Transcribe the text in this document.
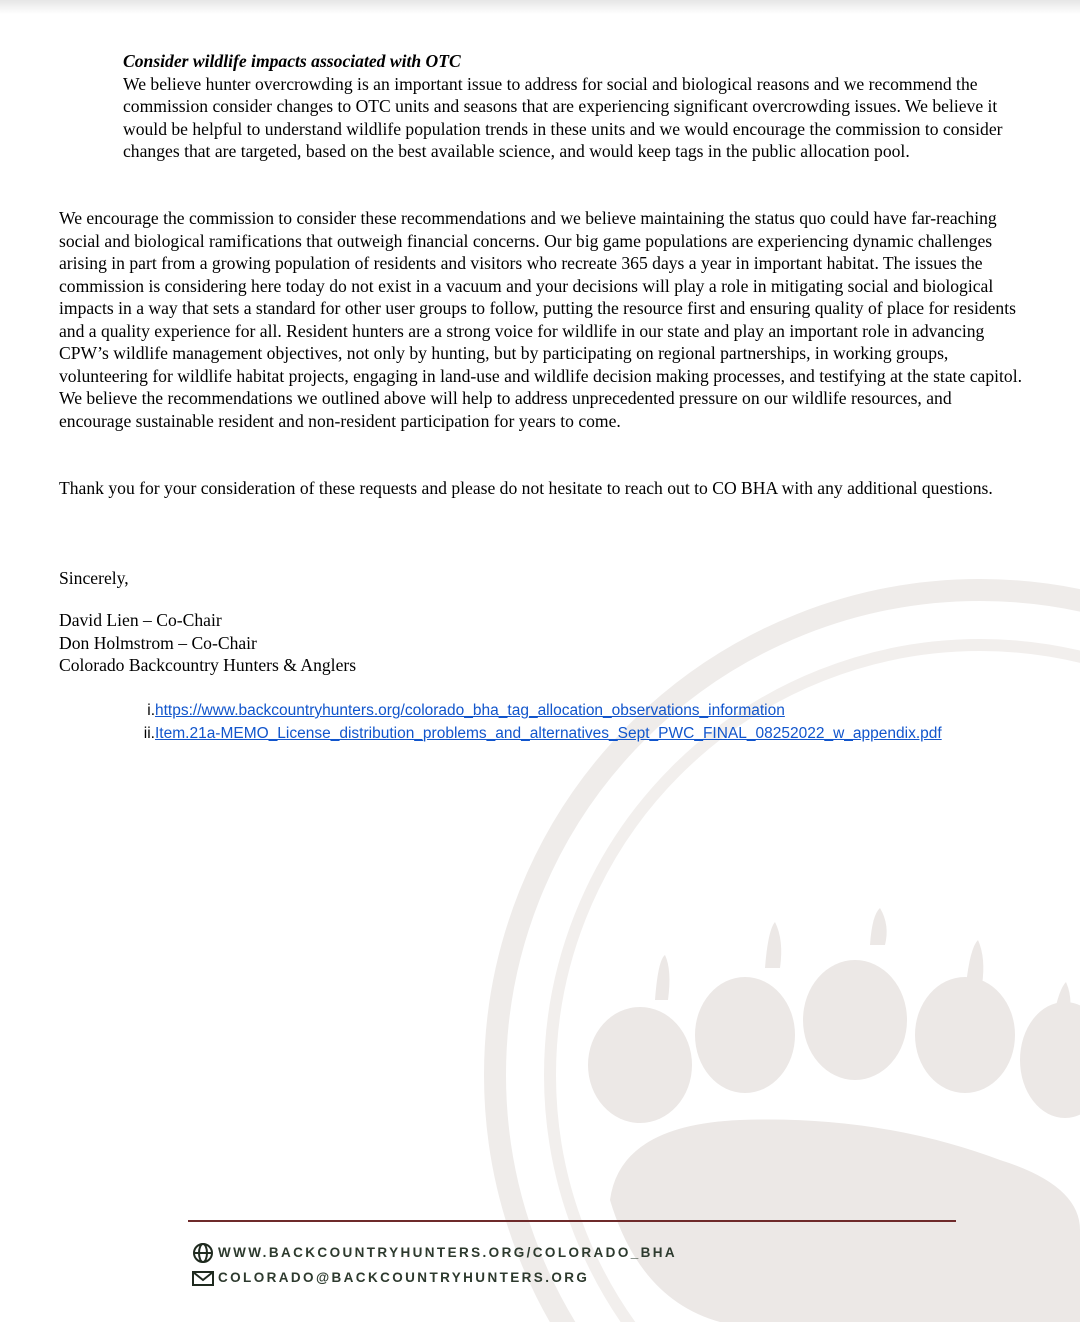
Consider wildlife impacts associated with OTC
We believe hunter overcrowding is an important issue to address for social and biological reasons and we recommend the commission consider changes to OTC units and seasons that are experiencing significant overcrowding issues. We believe it would be helpful to understand wildlife population trends in these units and we would encourage the commission to consider changes that are targeted, based on the best available science, and would keep tags in the public allocation pool.

We encourage the commission to consider these recommendations and we believe maintaining the status quo could have far-reaching social and biological ramifications that outweigh financial concerns. Our big game populations are experiencing dynamic challenges arising in part from a growing population of residents and visitors who recreate 365 days a year in important habitat. The issues the commission is considering here today do not exist in a vacuum and your decisions will play a role in mitigating social and biological impacts in a way that sets a standard for other user groups to follow, putting the resource first and ensuring quality of place for residents and a quality experience for all. Resident hunters are a strong voice for wildlife in our state and play an important role in advancing CPW’s wildlife management objectives, not only by hunting, but by participating on regional partnerships, in working groups, volunteering for wildlife habitat projects, engaging in land-use and wildlife decision making processes, and testifying at the state capitol. We believe the recommendations we outlined above will help to address unprecedented pressure on our wildlife resources, and encourage sustainable resident and non-resident participation for years to come.

Thank you for your consideration of these requests and please do not hesitate to reach out to CO BHA with any additional questions.

Sincerely,

David Lien – Co-Chair
Don Holmstrom – Co-Chair
Colorado Backcountry Hunters & Anglers
i. https://www.backcountryhunters.org/colorado_bha_tag_allocation_observations_information
ii. Item.21a-MEMO_License_distribution_problems_and_alternatives_Sept_PWC_FINAL_08252022_w_appendix.pdf
WWW.BACKCOUNTRYHUNTERS.ORG/COLORADO_BHA
COLORADO@BACKCOUNTRYHUNTERS.ORG
